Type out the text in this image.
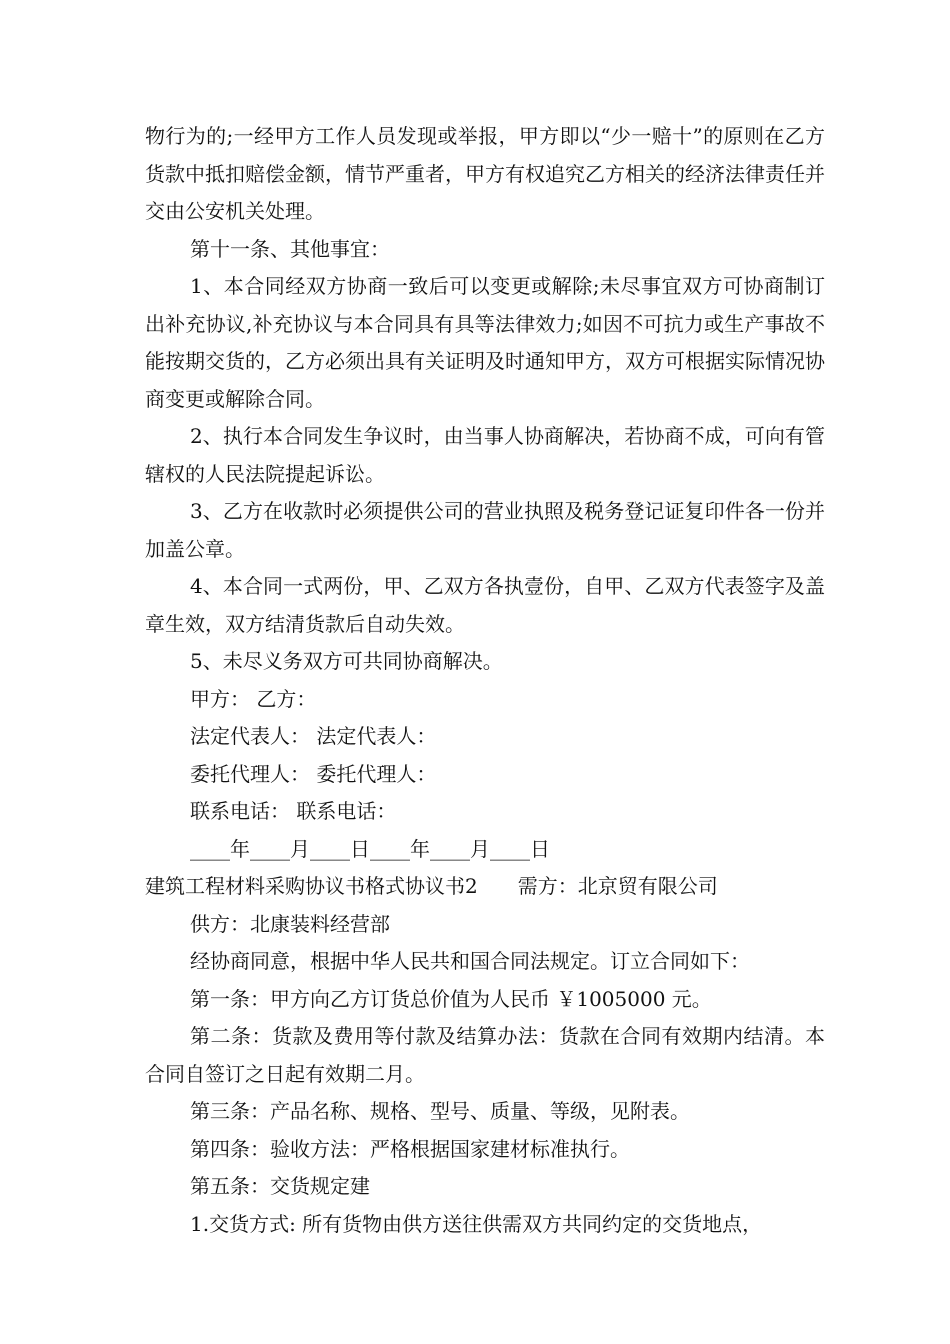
物行为的;一经甲方工作人员发现或举报，甲方即以“少一赔十”的原则在乙方货款中抵扣赔偿金额，情节严重者，甲方有权追究乙方相关的经济法律责任并交由公安机关处理。

第十一条、其他事宜：

1、本合同经双方协商一致后可以变更或解除;未尽事宜双方可协商制订出补充协议,补充协议与本合同具有具等法律效力;如因不可抗力或生产事故不能按期交货的，乙方必须出具有关证明及时通知甲方，双方可根据实际情况协商变更或解除合同。

2、执行本合同发生争议时，由当事人协商解决，若协商不成，可向有管辖权的人民法院提起诉讼。

3、乙方在收款时必须提供公司的营业执照及税务登记证复印件各一份并加盖公章。

4、本合同一式两份，甲、乙双方各执壹份，自甲、乙双方代表签字及盖章生效，双方结清货款后自动失效。

5、未尽义务双方可共同协商解决。

甲方： 乙方：

法定代表人： 法定代表人：

委托代理人： 委托代理人：

联系电话： 联系电话：

____年____月____日____年____月____日

建筑工程材料采购协议书格式协议书2　　需方：北京贸有限公司

供方：北康装料经营部

经协商同意，根据中华人民共和国合同法规定。订立合同如下：

第一条：甲方向乙方订货总价值为人民币 ￥1005000 元。

第二条：货款及费用等付款及结算办法：货款在合同有效期内结清。本合同自签订之日起有效期二月。

第三条：产品名称、规格、型号、质量、等级，见附表。

第四条：验收方法：严格根据国家建材标准执行。

第五条：交货规定建

1.交货方式: 所有货物由供方送往供需双方共同约定的交货地点，
